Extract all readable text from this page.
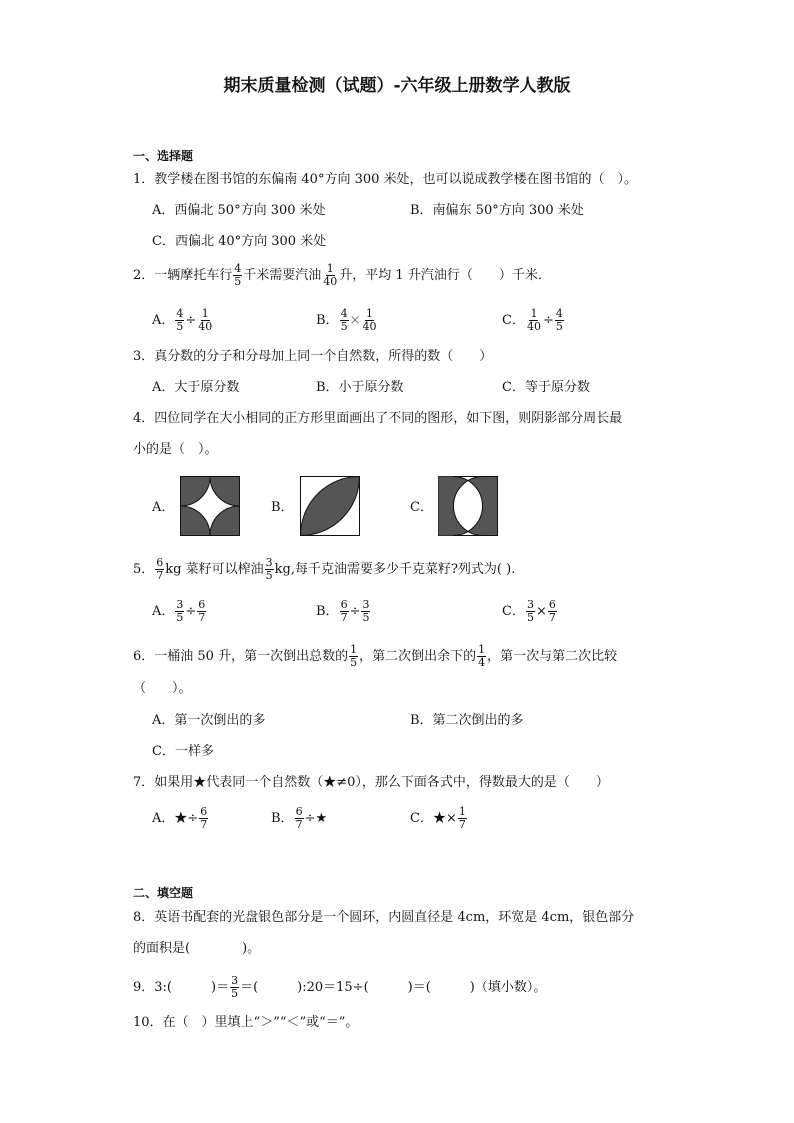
期末质量检测（试题）-六年级上册数学人教版
一、选择题
1．教学楼在图书馆的东偏南 40°方向 300 米处，也可以说成教学楼在图书馆的（　）。
A．西偏北 50°方向 300 米处	B．南偏东 50°方向 300 米处
C．西偏北 40°方向 300 米处
2．一辆摩托车行 $\frac{4}{5}$ 千米需要汽油 $\frac{1}{40}$ 升，平均 1 升汽油行（　　）千米．
A． $\frac{4}{5} \div \frac{1}{40}$	B． $\frac{4}{5} \times \frac{1}{40}$	C． $\frac{1}{40} \div \frac{4}{5}$
3．真分数的分子和分母加上同一个自然数，所得的数（　　）
A．大于原分数	B．小于原分数	C．等于原分数
4．四位同学在大小相同的正方形里面画出了不同的图形，如下图，则阴影部分周长最
小的是（　）。
A．	B．	C．
5． $\frac{6}{7}$ kg 菜籽可以榨油 $\frac{3}{5}$ kg,每千克油需要多少千克菜籽?列式为( ).
A． $\frac{3}{5} \div \frac{6}{7}$	B． $\frac{6}{7} \div \frac{3}{5}$	C． $\frac{3}{5} \times \frac{6}{7}$
6．一桶油 50 升，第一次倒出总数的 $\frac{1}{5}$ ，第二次倒出余下的 $\frac{1}{4}$ ，第一次与第二次比较
（　　）。
A．第一次倒出的多	B．第二次倒出的多
C．一样多
7．如果用★代表同一个自然数（★≠0），那么下面各式中，得数最大的是（　　）
A．★÷ $\frac{6}{7}$	B． $\frac{6}{7}$ ÷★	C．★× $\frac{1}{7}$
二、填空题
8．英语书配套的光盘银色部分是一个圆环，内圆直径是 4cm，环宽是 4cm，银色部分
的面积是(　　　　)。
9．3:(　　　)＝ $\frac{3}{5}$ ＝(　　　):20＝15÷(　　　)＝(　　　)（填小数）。
10．在（　）里填上“＞”“＜”或“＝”。
